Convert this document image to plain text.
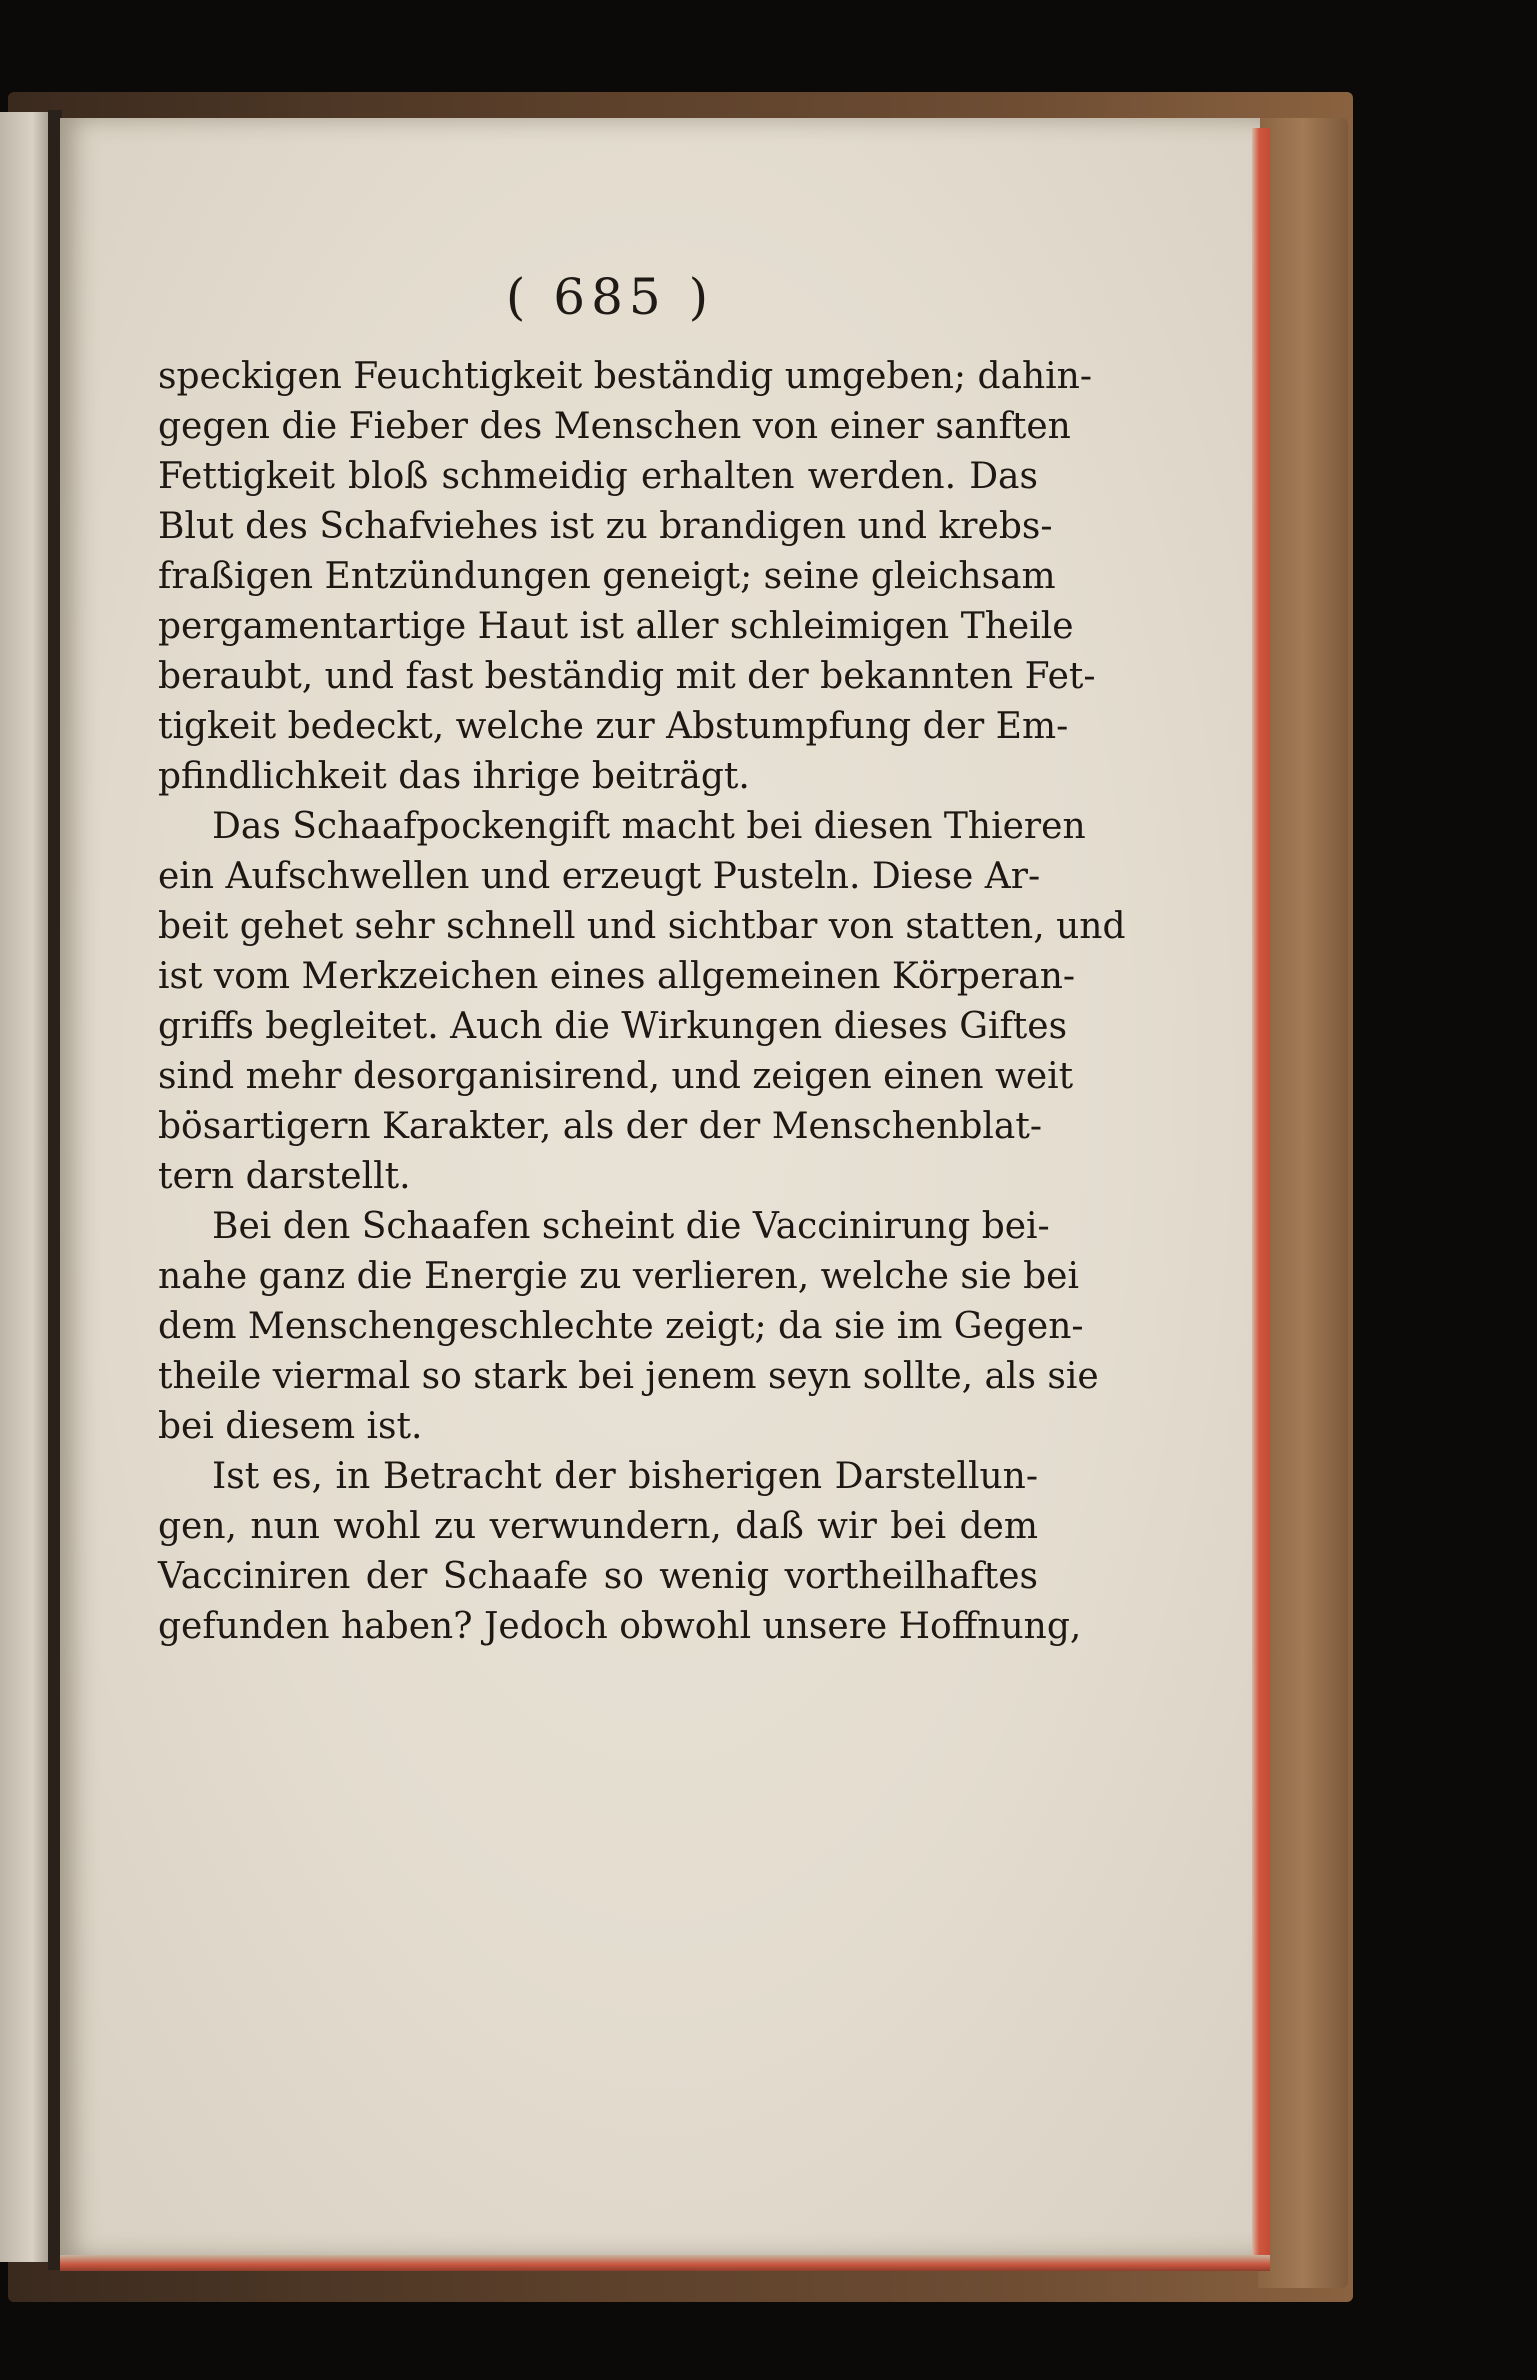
( 685 )
speckigen Feuchtigkeit beständig umgeben; dahin-
gegen die Fieber des Menschen von einer sanften
Fettigkeit bloß schmeidig erhalten werden. Das
Blut des Schafviehes ist zu brandigen und krebs-
fraßigen Entzündungen geneigt; seine gleichsam
pergamentartige Haut ist aller schleimigen Theile
beraubt, und fast beständig mit der bekannten Fet-
tigkeit bedeckt, welche zur Abstumpfung der Em-
pfindlichkeit das ihrige beiträgt.
Das Schaafpockengift macht bei diesen Thieren
ein Aufschwellen und erzeugt Pusteln. Diese Ar-
beit gehet sehr schnell und sichtbar von statten, und
ist vom Merkzeichen eines allgemeinen Körperan-
griffs begleitet. Auch die Wirkungen dieses Giftes
sind mehr desorganisirend, und zeigen einen weit
bösartigern Karakter, als der der Menschenblat-
tern darstellt.
Bei den Schaafen scheint die Vaccinirung bei-
nahe ganz die Energie zu verlieren, welche sie bei
dem Menschengeschlechte zeigt; da sie im Gegen-
theile viermal so stark bei jenem seyn sollte, als sie
bei diesem ist.
Ist es, in Betracht der bisherigen Darstellun-
gen, nun wohl zu verwundern, daß wir bei dem
Vacciniren der Schaafe so wenig vortheilhaftes
gefunden haben? Jedoch obwohl unsere Hoffnung,
